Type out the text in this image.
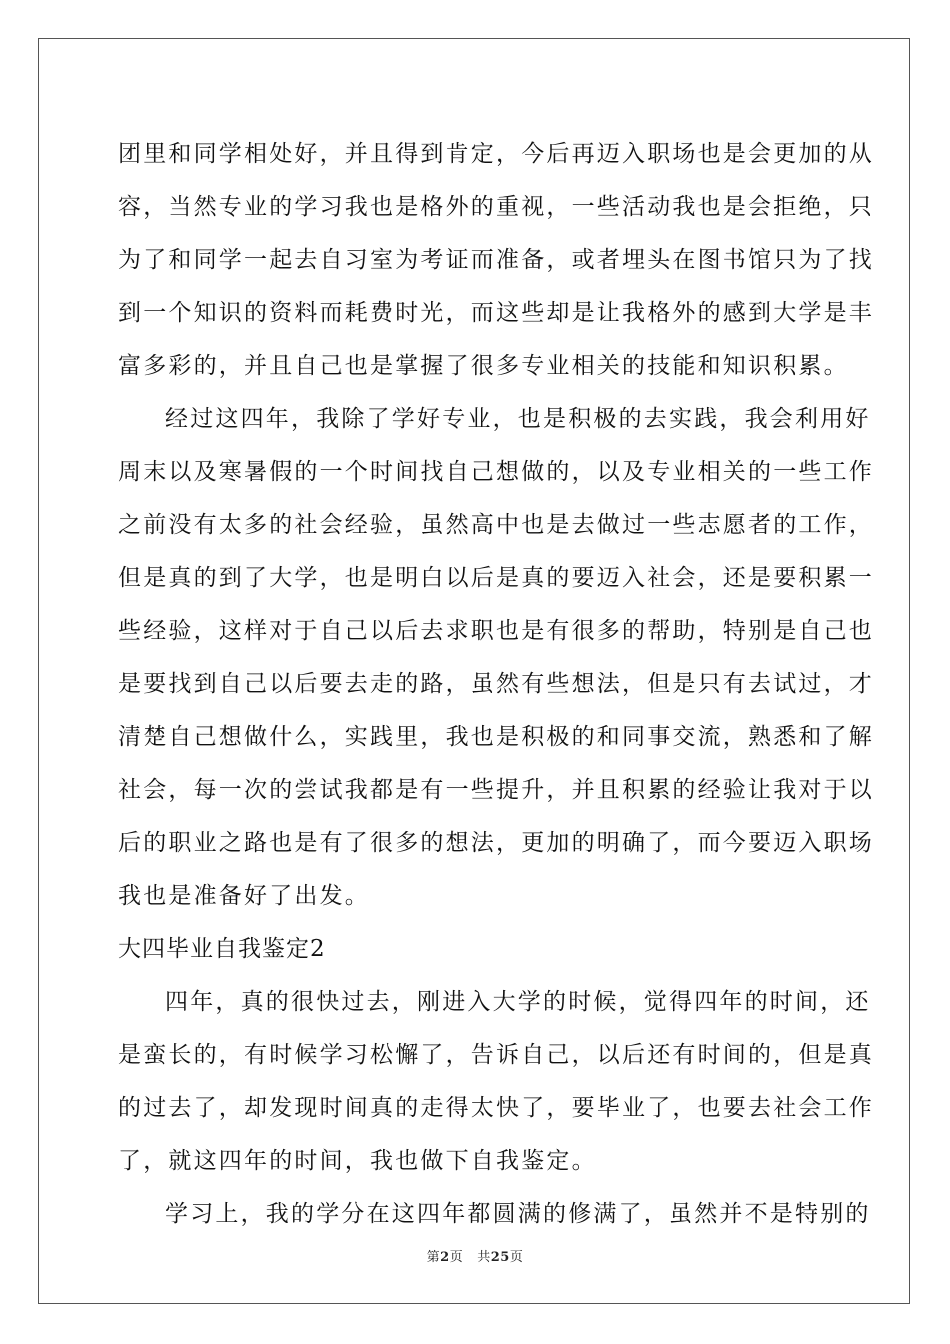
团里和同学相处好，并且得到肯定，今后再迈入职场也是会更加的从
容，当然专业的学习我也是格外的重视，一些活动我也是会拒绝，只
为了和同学一起去自习室为考证而准备，或者埋头在图书馆只为了找
到一个知识的资料而耗费时光，而这些却是让我格外的感到大学是丰
富多彩的，并且自己也是掌握了很多专业相关的技能和知识积累。
经过这四年，我除了学好专业，也是积极的去实践，我会利用好
周末以及寒暑假的一个时间找自己想做的，以及专业相关的一些工作
之前没有太多的社会经验，虽然高中也是去做过一些志愿者的工作，
但是真的到了大学，也是明白以后是真的要迈入社会，还是要积累一
些经验，这样对于自己以后去求职也是有很多的帮助，特别是自己也
是要找到自己以后要去走的路，虽然有些想法，但是只有去试过，才
清楚自己想做什么，实践里，我也是积极的和同事交流，熟悉和了解
社会，每一次的尝试我都是有一些提升，并且积累的经验让我对于以
后的职业之路也是有了很多的想法，更加的明确了，而今要迈入职场
我也是准备好了出发。
大四毕业自我鉴定2
四年，真的很快过去，刚进入大学的时候，觉得四年的时间，还
是蛮长的，有时候学习松懈了，告诉自己，以后还有时间的，但是真
的过去了，却发现时间真的走得太快了，要毕业了，也要去社会工作
了，就这四年的时间，我也做下自我鉴定。
学习上，我的学分在这四年都圆满的修满了，虽然并不是特别的
第2页 共25页
